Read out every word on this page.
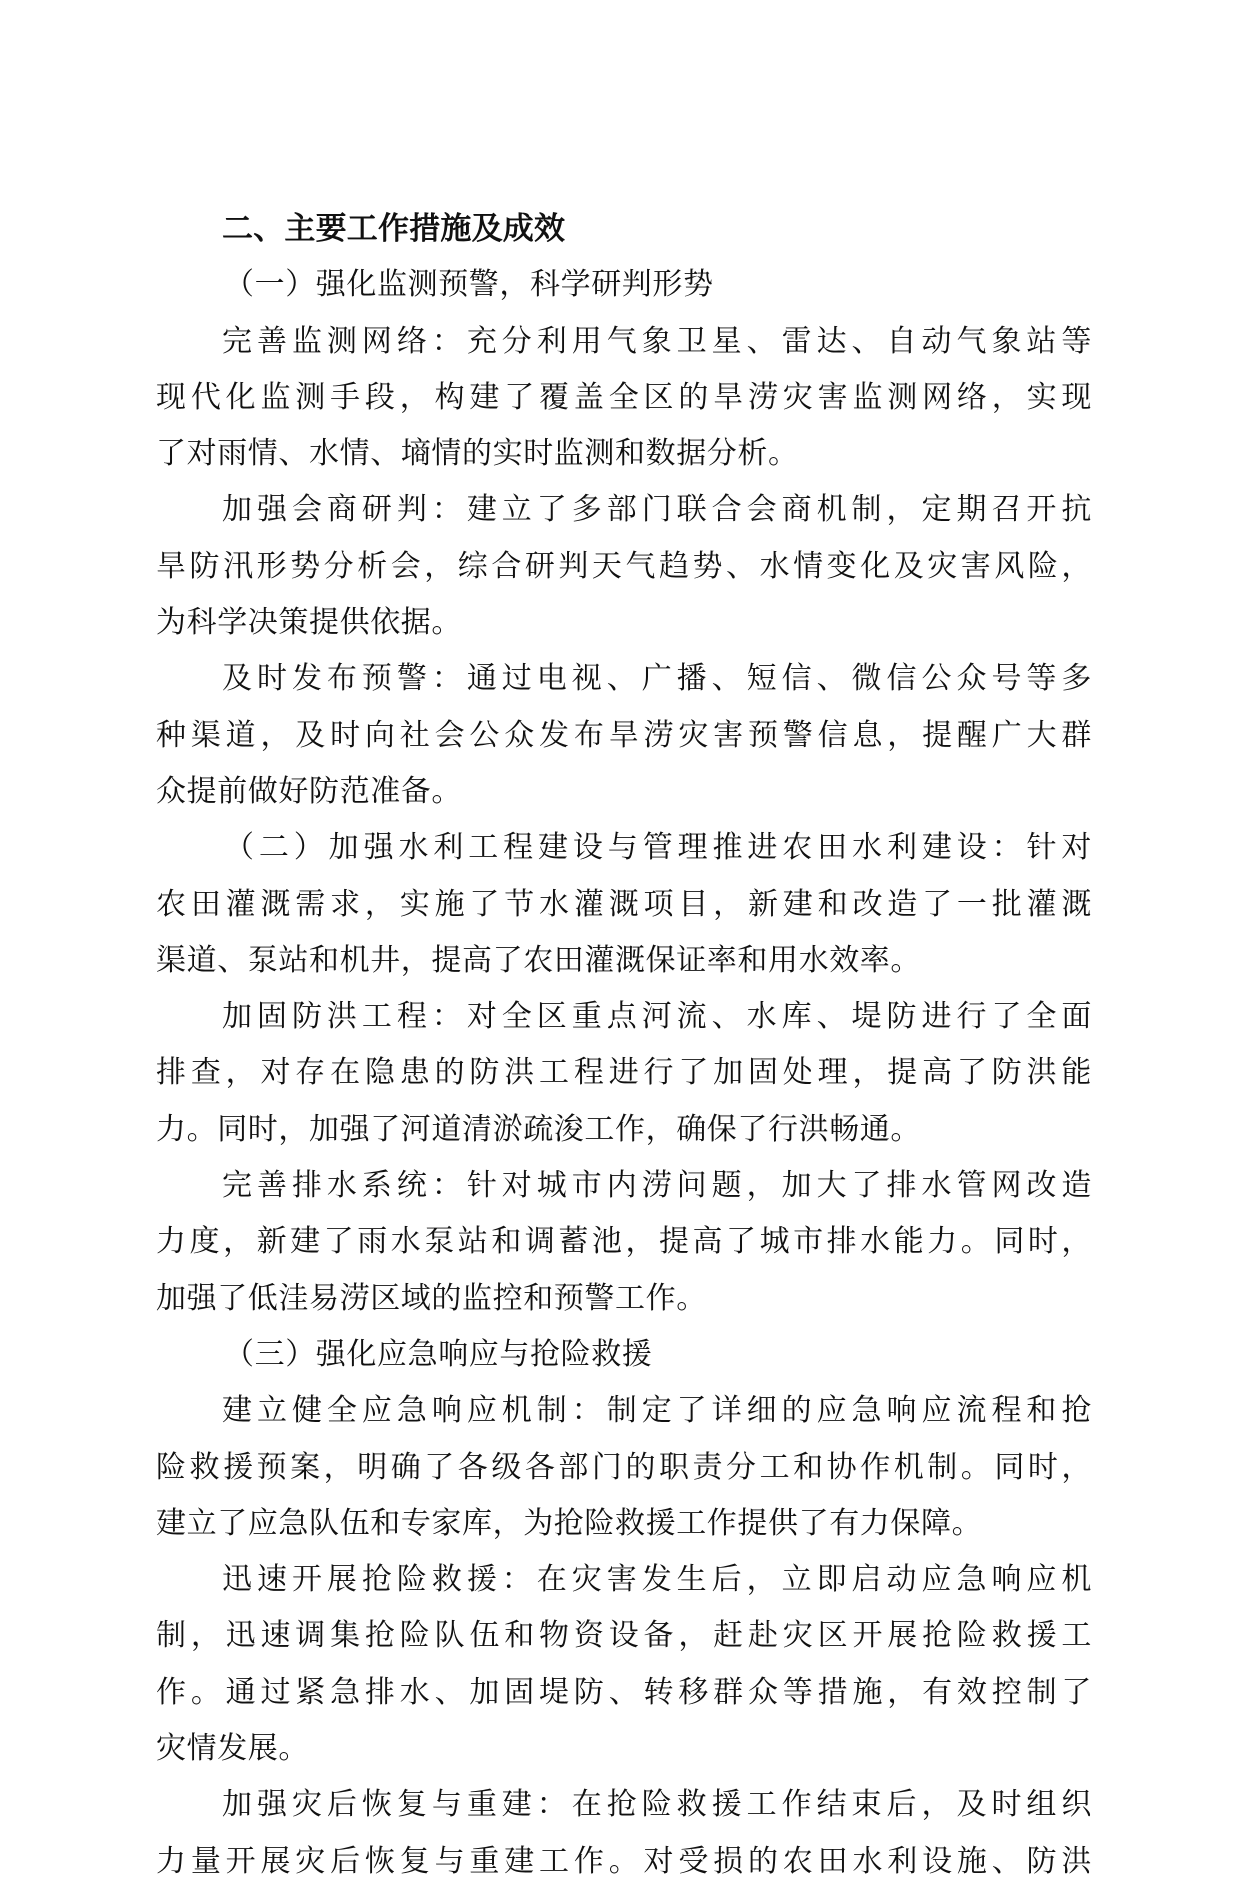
二、主要工作措施及成效
（一）强化监测预警，科学研判形势
完善监测网络：充分利用气象卫星、雷达、自动气象站等
现代化监测手段，构建了覆盖全区的旱涝灾害监测网络，实现
了对雨情、水情、墒情的实时监测和数据分析。
加强会商研判：建立了多部门联合会商机制，定期召开抗
旱防汛形势分析会，综合研判天气趋势、水情变化及灾害风险，
为科学决策提供依据。
及时发布预警：通过电视、广播、短信、微信公众号等多
种渠道，及时向社会公众发布旱涝灾害预警信息，提醒广大群
众提前做好防范准备。
（二）加强水利工程建设与管理推进农田水利建设：针对
农田灌溉需求，实施了节水灌溉项目，新建和改造了一批灌溉
渠道、泵站和机井，提高了农田灌溉保证率和用水效率。
加固防洪工程：对全区重点河流、水库、堤防进行了全面
排查，对存在隐患的防洪工程进行了加固处理，提高了防洪能
力。同时，加强了河道清淤疏浚工作，确保了行洪畅通。
完善排水系统：针对城市内涝问题，加大了排水管网改造
力度，新建了雨水泵站和调蓄池，提高了城市排水能力。同时，
加强了低洼易涝区域的监控和预警工作。
（三）强化应急响应与抢险救援
建立健全应急响应机制：制定了详细的应急响应流程和抢
险救援预案，明确了各级各部门的职责分工和协作机制。同时，
建立了应急队伍和专家库，为抢险救援工作提供了有力保障。
迅速开展抢险救援：在灾害发生后，立即启动应急响应机
制，迅速调集抢险队伍和物资设备，赶赴灾区开展抢险救援工
作。通过紧急排水、加固堤防、转移群众等措施，有效控制了
灾情发展。
加强灾后恢复与重建：在抢险救援工作结束后，及时组织
力量开展灾后恢复与重建工作。对受损的农田水利设施、防洪
